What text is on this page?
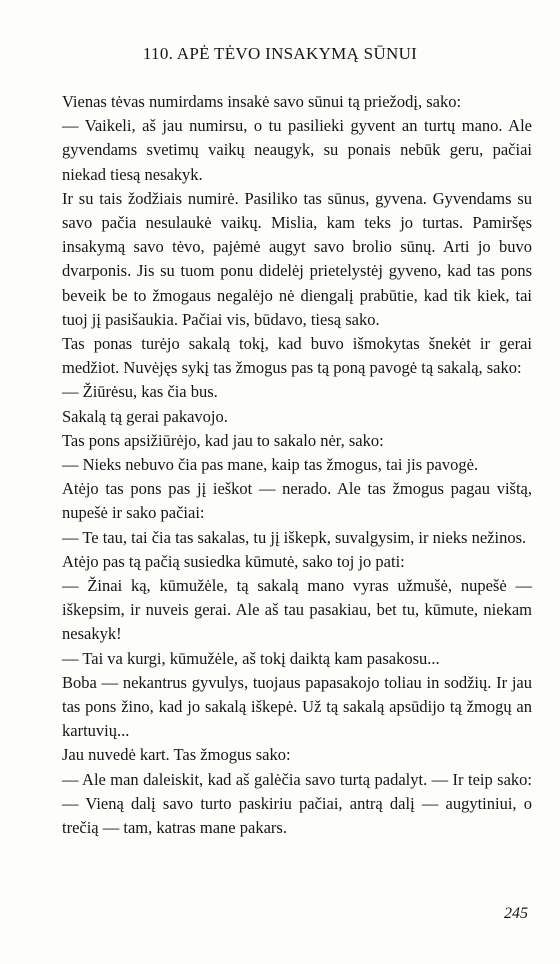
110. APĖ TĖVO INSAKYMĄ SŪNUI

Vienas tėvas numirdams insakė savo sūnui tą priežodį, sako:

— Vaikeli, aš jau numirsu, o tu pasilieki gyvent an turtų mano. Ale gyvendams svetimų vaikų neaugyk, su ponais nebūk geru, pačiai niekad tiesą nesakyk.

Ir su tais žodžiais numirė. Pasiliko tas sūnus, gyvena. Gyvendams su savo pačia nesulaukė vaikų. Mislia, kam teks jo turtas. Pamiršęs insakymą savo tėvo, pajėmė augyt savo brolio sūnų. Arti jo buvo dvarponis. Jis su tuom ponu didelėj prietelystėj gyveno, kad tas pons beveik be to žmogaus negalėjo nė diengalį prabūtie, kad tik kiek, tai tuoj jį pasišaukia. Pačiai vis, būdavo, tiesą sako.

Tas ponas turėjo sakalą tokį, kad buvo išmokytas šnekėt ir gerai medžiot. Nuvėjęs sykį tas žmogus pas tą poną pavogė tą sakalą, sako:

— Žiūrėsu, kas čia bus.

Sakalą tą gerai pakavojo.

Tas pons apsižiūrėjo, kad jau to sakalo nėr, sako:

— Nieks nebuvo čia pas mane, kaip tas žmogus, tai jis pavogė.

Atėjo tas pons pas jį ieškot — nerado. Ale tas žmogus pagau vištą, nupešė ir sako pačiai:

— Te tau, tai čia tas sakalas, tu jį iškepk, suvalgysim, ir nieks nežinos.

Atėjo pas tą pačią susiedka kūmutė, sako toj jo pati:

— Žinai ką, kūmužėle, tą sakalą mano vyras užmušė, nupešė — iškepsim, ir nuveis gerai. Ale aš tau pasakiau, bet tu, kūmute, niekam nesakyk!

— Tai va kurgi, kūmužėle, aš tokį daiktą kam pasakosu...

Boba — nekantrus gyvulys, tuojaus papasakojo toliau in sodžių. Ir jau tas pons žino, kad jo sakalą iškepė. Už tą sakalą apsūdijo tą žmogų an kartuvių...

Jau nuvedė kart. Tas žmogus sako:

— Ale man daleiskit, kad aš galėčia savo turtą padalyt. — Ir teip sako: — Vieną dalį savo turto paskiriu pačiai, antrą dalį — augytiniui, o trečią — tam, katras mane pakars.

245
